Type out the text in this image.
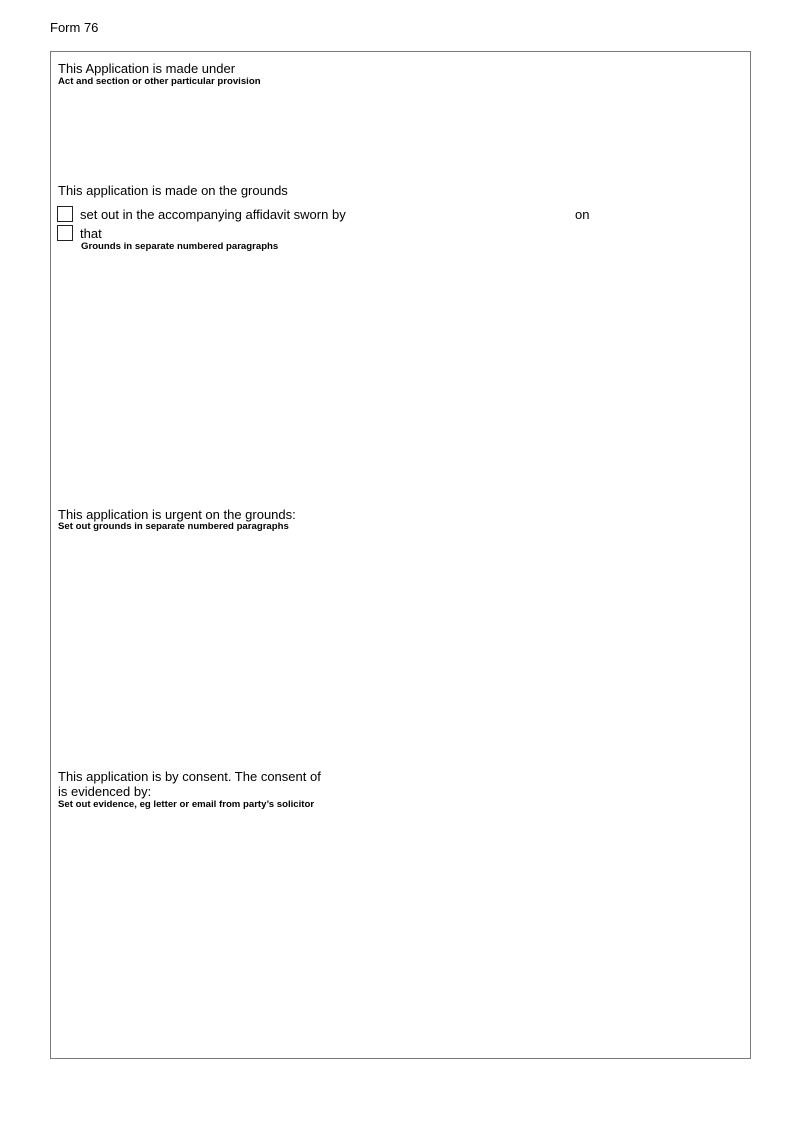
Form 76
This Application is made under
Act and section or other particular provision
This application is made on the grounds
set out in the accompanying affidavit sworn by	on
that
Grounds in separate numbered paragraphs
This application is urgent on the grounds:
Set out grounds in separate numbered paragraphs
This application is by consent. The consent of
is evidenced by:
Set out evidence, eg letter or email from party’s solicitor
